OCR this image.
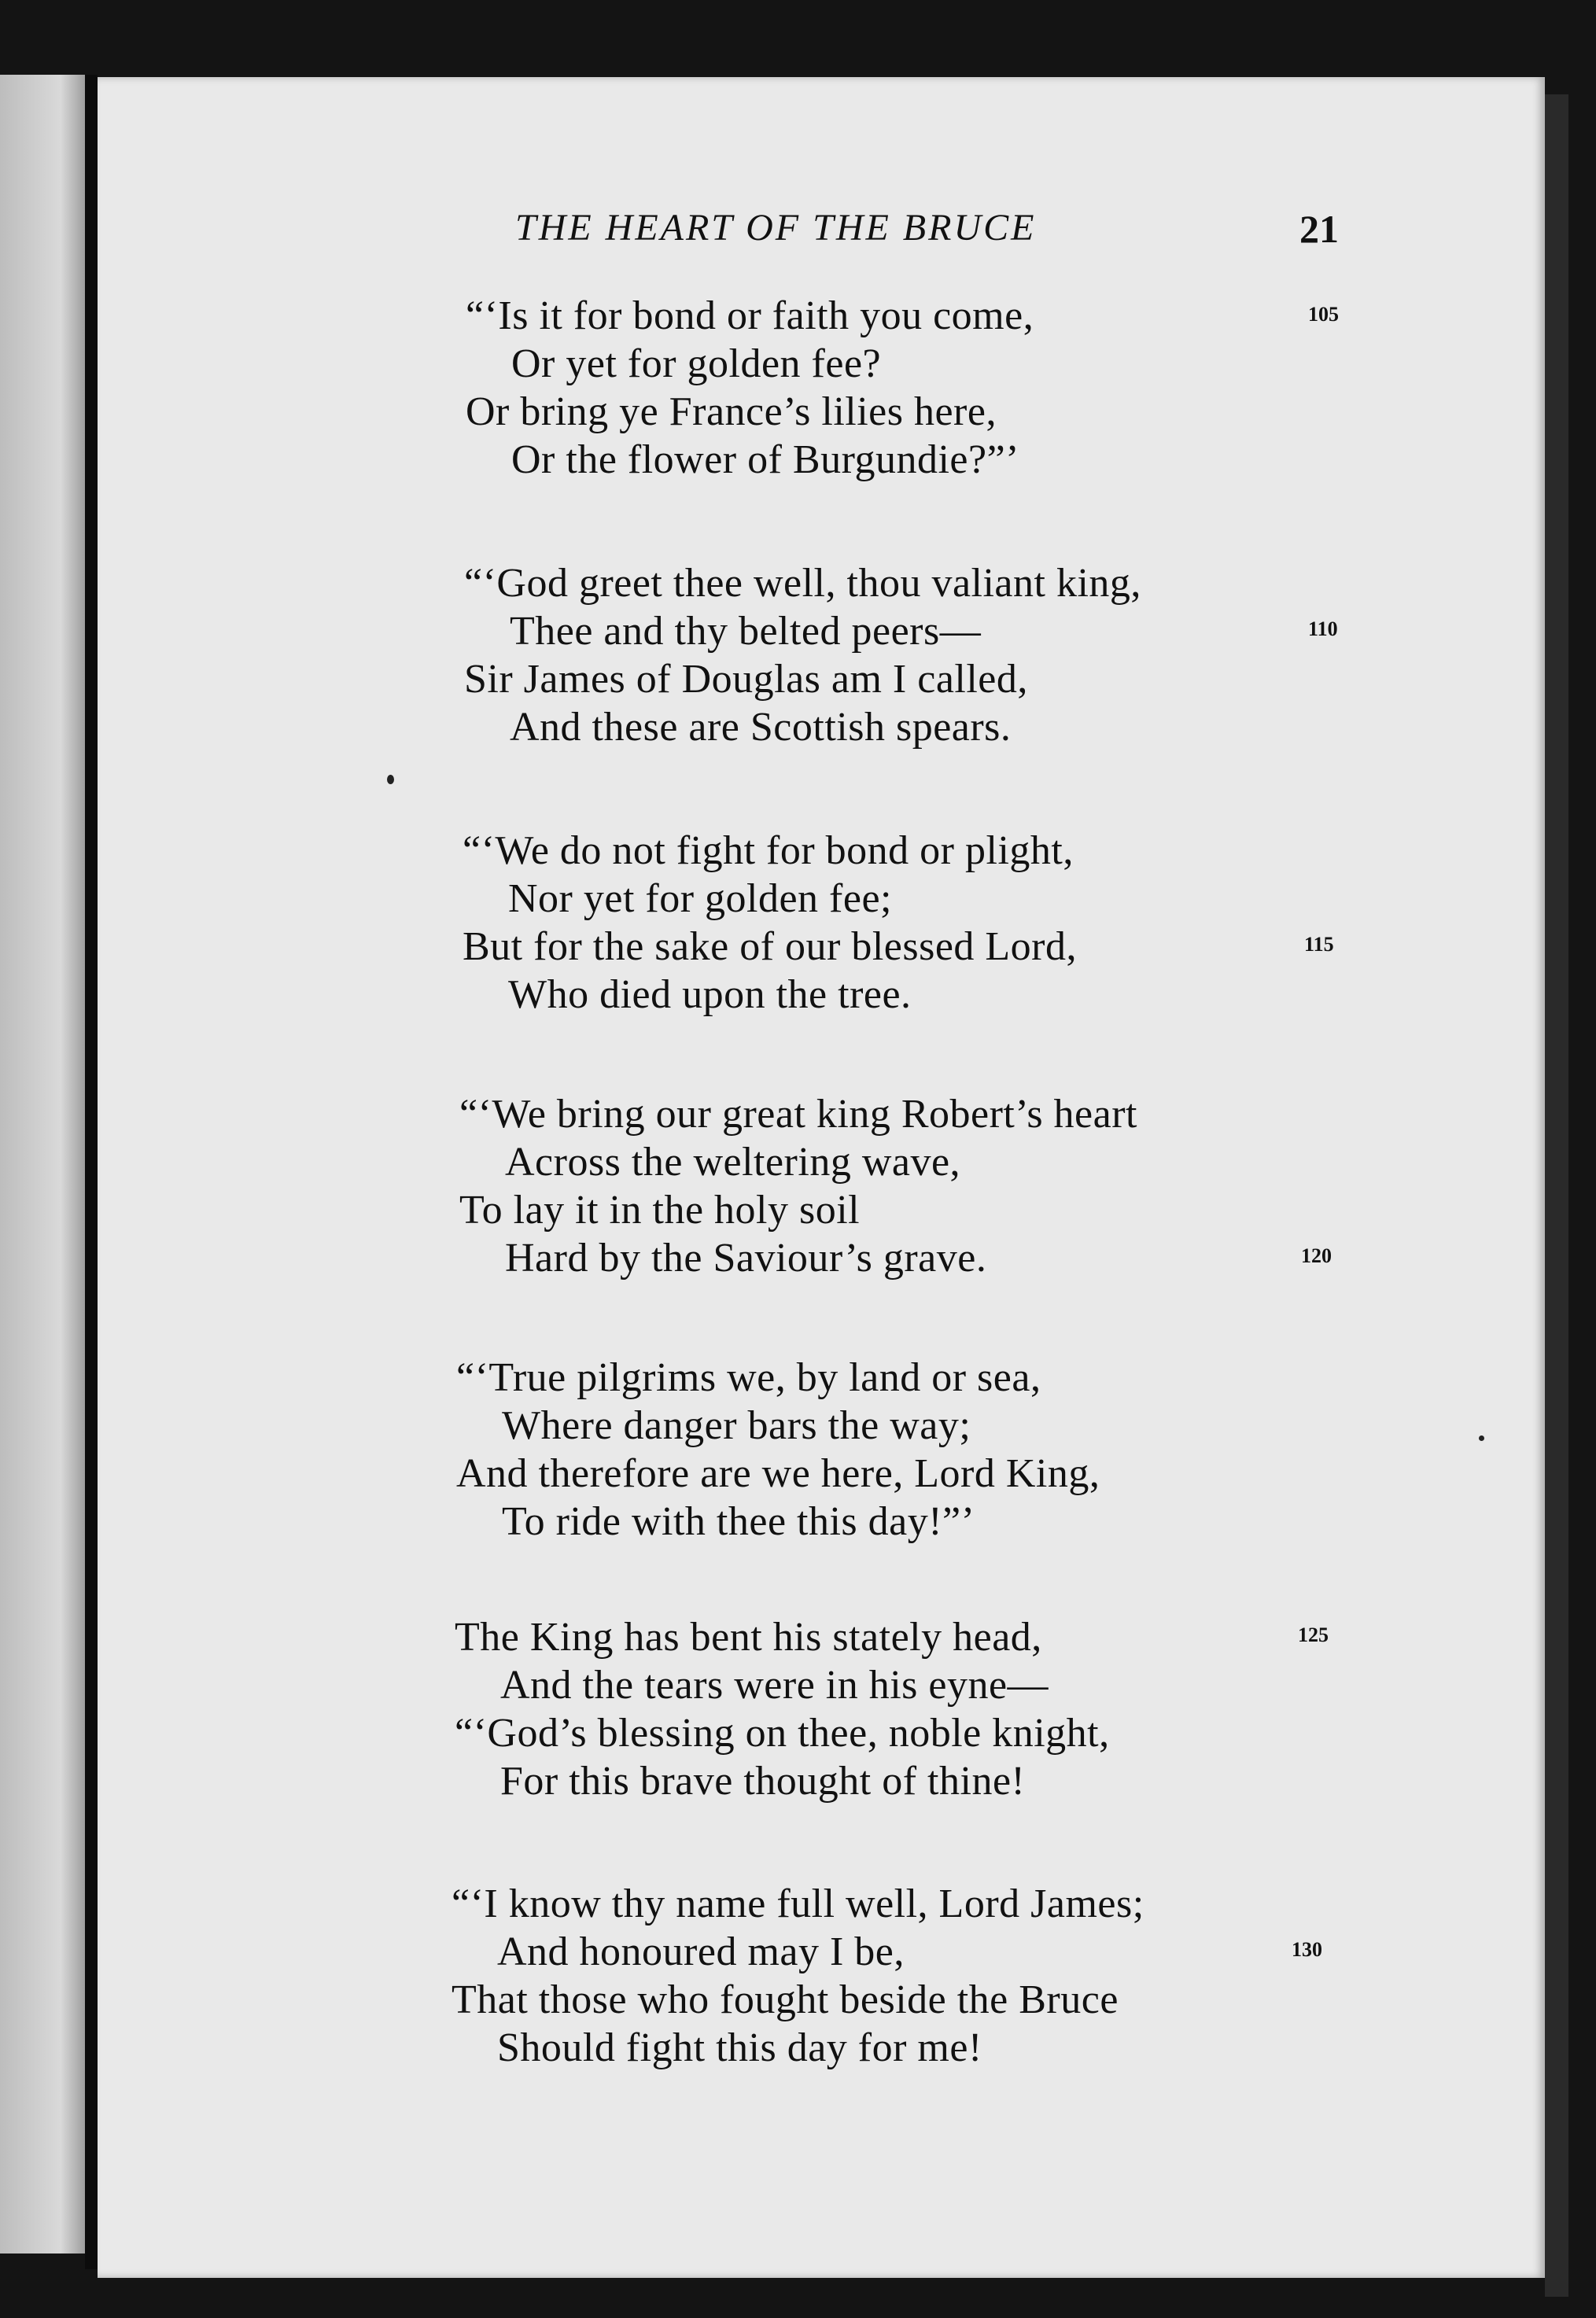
THE HEART OF THE BRUCE	21
“‘Is it for bond or faith you come,
Or yet for golden fee?
Or bring ye France’s lilies here,
Or the flower of Burgundie?”’
“‘God greet thee well, thou valiant king,
Thee and thy belted peers—
Sir James of Douglas am I called,
And these are Scottish spears.
“‘We do not fight for bond or plight,
Nor yet for golden fee;
But for the sake of our blessed Lord,
Who died upon the tree.
“‘We bring our great king Robert’s heart
Across the weltering wave,
To lay it in the holy soil
Hard by the Saviour’s grave.
“‘True pilgrims we, by land or sea,
Where danger bars the way;
And therefore are we here, Lord King,
To ride with thee this day!”’
The King has bent his stately head,
And the tears were in his eyne—
“‘God’s blessing on thee, noble knight,
For this brave thought of thine!
“‘I know thy name full well, Lord James;
And honoured may I be,
That those who fought beside the Bruce
Should fight this day for me!
105
110
115
120
125
130
